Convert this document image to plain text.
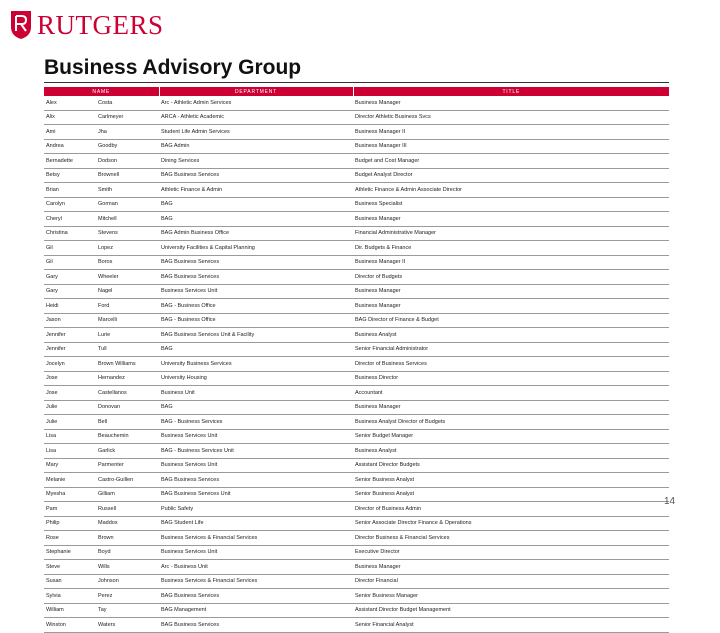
RUTGERS
Business Advisory Group
NAME	DEPARTMENT	TITLE
Alex Costa	Arc - Athletic Admin Services	Business Manager
Alix Carlmeyer	ARCA - Athletic Academic	Director Athletic Business Svcs
Ami Jha	Student Life Admin Services	Business Manager II
Andrea Goodby	BAG Admin	Business Manager III
Bernadette Dodson	Dining Services	Budget and Cost Manager
Betsy Brownell	BAG Business Services	Budget Analyst Director
Brian Smith	Athletic Finance & Admin	Athletic Finance & Admin Associate Director
Carolyn Gorman	BAG	Business Specialist
Cheryl Mitchell	BAG	Business Manager
Christina Stevens	BAG Admin Business Office	Financial Administrative Manager
Gil Lopez	University Facilities & Capital Planning	Dir. Budgets & Finance
Gil Boros	BAG Business Services	Business Manager II
Gary Wheeler	BAG Business Services	Director of Budgets
Gary Nagel	Business Services Unit	Business Manager
Heidi Ford	BAG - Business Office	Business Manager
Jason Marcelli	BAG - Business Office	BAG Director of Finance & Budget
Jennifer Lurie	BAG Business Services Unit & Facility	Business Analyst
Jennifer Tull	BAG	Senior Financial Administrator
Jocelyn Brown Williams	University Business Services	Director of Business Services
Jose Hernandez	University Housing	Business Director
Jose Castellanos	Business Unit	Accountant
Julie Donovan	BAG	Business Manager
Julie Bell	BAG - Business Services	Business Analyst Director of Budgets
Lisa Beauchemin	Business Services Unit	Senior Budget Manager
Lisa Garlick	BAG - Business Services Unit	Business Analyst
Mary Parmenter	Business Services Unit	Assistant Director Budgets
Melanie Castro-Guillen	BAG Business Services	Senior Business Analyst
Myesha Gilliam	BAG Business Services Unit	Senior Business Analyst
Pam Russell	Public Safety	Director of Business Admin
Philip Maddox	BAG Student Life	Senior Associate Director Finance & Operations
Rose Brown	Business Services & Financial Services	Director Business & Financial Services
Stephanie Boyd	Business Services Unit	Executive Director
Steve Wills	Arc - Business Unit	Business Manager
Susan Johnson	Business Services & Financial Services	Director Financial
Sylvia Perez	BAG Business Services	Senior Business Manager
William Tay	BAG Management	Assistant Director Budget Management
Winston Waters	BAG Business Services	Senior Financial Analyst
14
